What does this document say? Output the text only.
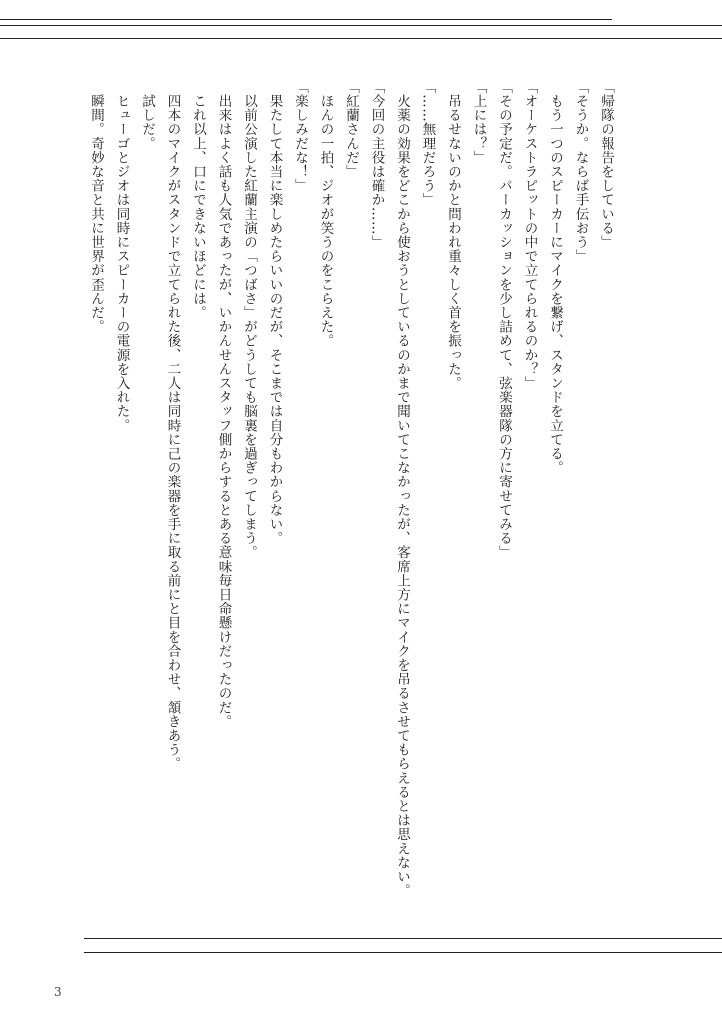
「帰隊の報告をしている」

「そうか。ならば手伝おう」

　もう一つのスピーカーにマイクを繋げ、スタンドを立てる。

「オーケストラピットの中で立てられるのか？」

「その予定だ。パーカッションを少し詰めて、弦楽器隊の方に寄せてみる」

「上には？」

　吊るせないのかと問われ重々しく首を振った。

「……無理だろう」

　火薬の効果をどこから使おうとしているのかまで聞いてこなかったが、客席上方にマイクを吊るさせてもらえるとは思えない。

「今回の主役は確か……」

「紅蘭さんだ」

　ほんの一拍、ジオが笑うのをこらえた。

「楽しみだな！」

　果たして本当に楽しめたらいいのだが、そこまでは自分もわからない。

　以前公演した紅蘭主演の「つばさ」がどうしても脳裏を過ぎってしまう。

　出来はよく話も人気であったが、いかんせんスタッフ側からするとある意味毎日命懸けだったのだ。

　これ以上、口にできないほどには。

　四本のマイクがスタンドで立てられた後、二人は同時に己の楽器を手に取る前にと目を合わせ、頷きあう。

　試しだ。

　ヒューゴとジオは同時にスピーカーの電源を入れた。

　瞬間。奇妙な音と共に世界が歪んだ。

3
